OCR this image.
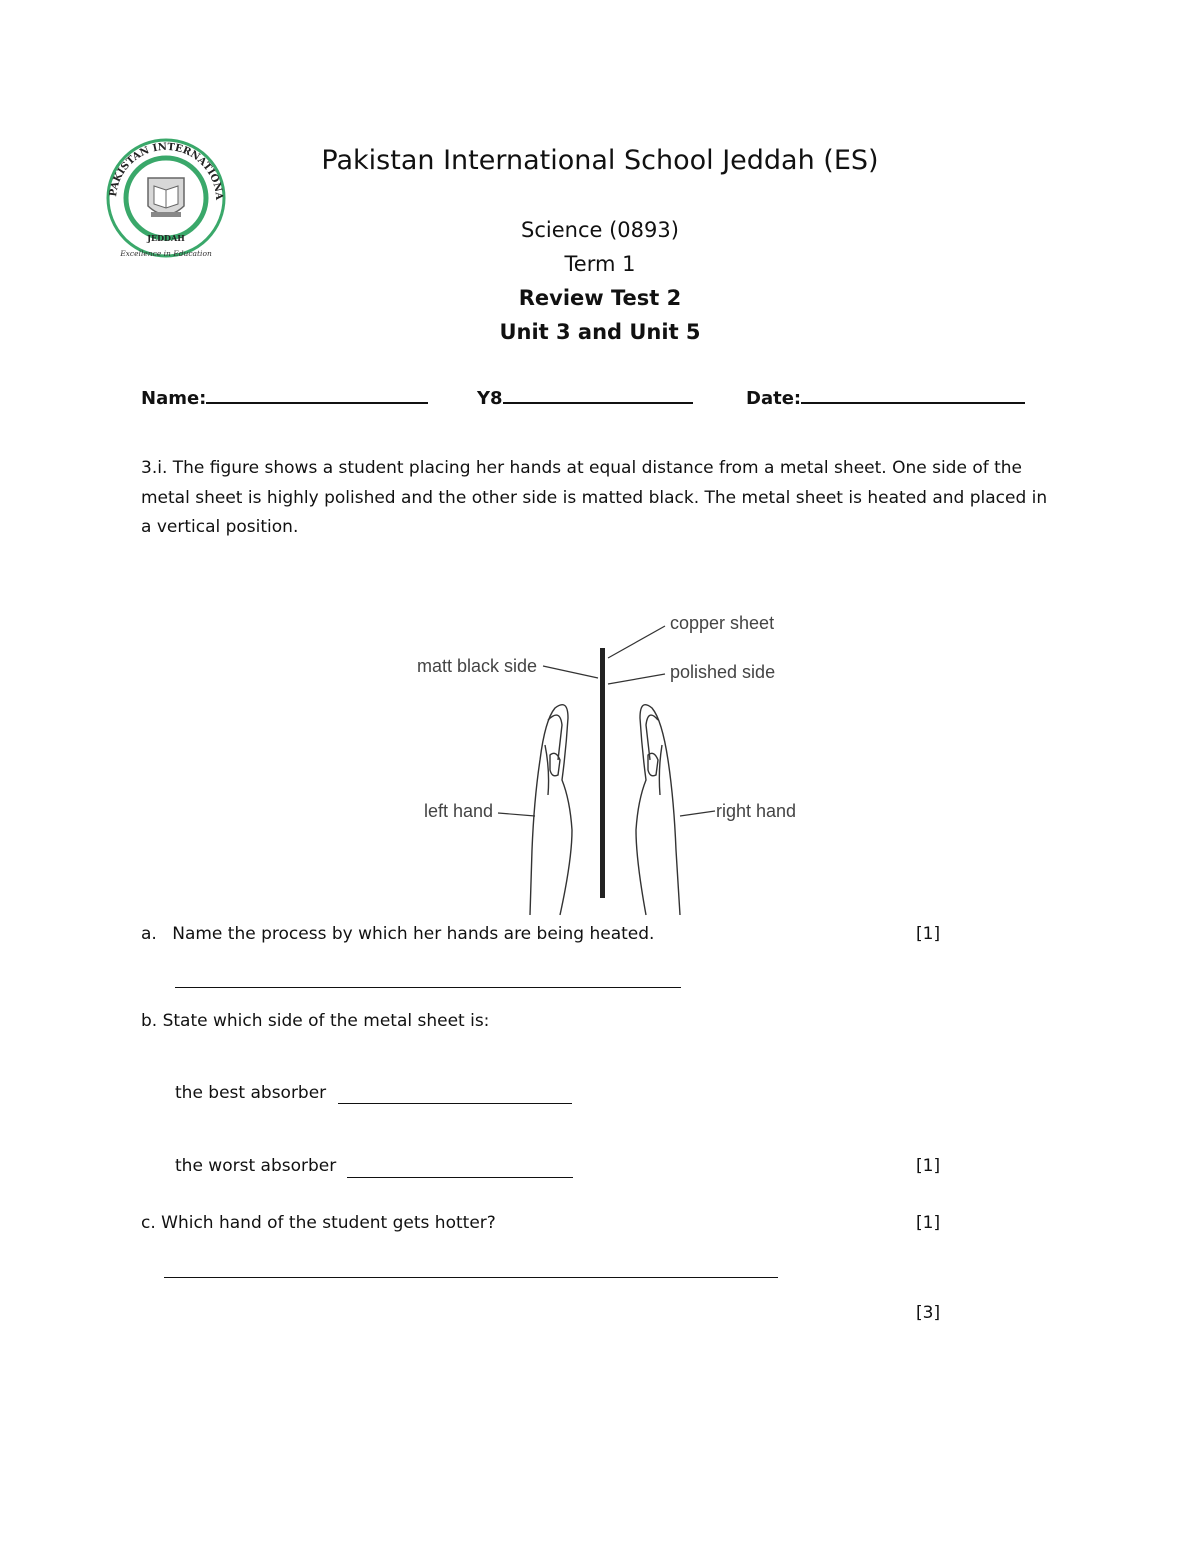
PAKISTAN INTERNATIONA
JEDDAH
Excellence in Education
Pakistan International School Jeddah (ES)
Science (0893)
Term 1
Review Test 2
Unit 3 and Unit 5
Name:	Y8	Date:
3.i. The figure shows a student placing her hands at equal distance from a metal sheet. One side of the metal sheet is highly polished and the other side is matted black. The metal sheet is heated and placed in a vertical position.
copper sheet
matt black side	polished side
left hand	right hand
a. Name the process by which her hands are being heated.	[1]
b. State which side of the metal sheet is:
the best absorber
the worst absorber	[1]
c. Which hand of the student gets hotter?	[1]
[3]
